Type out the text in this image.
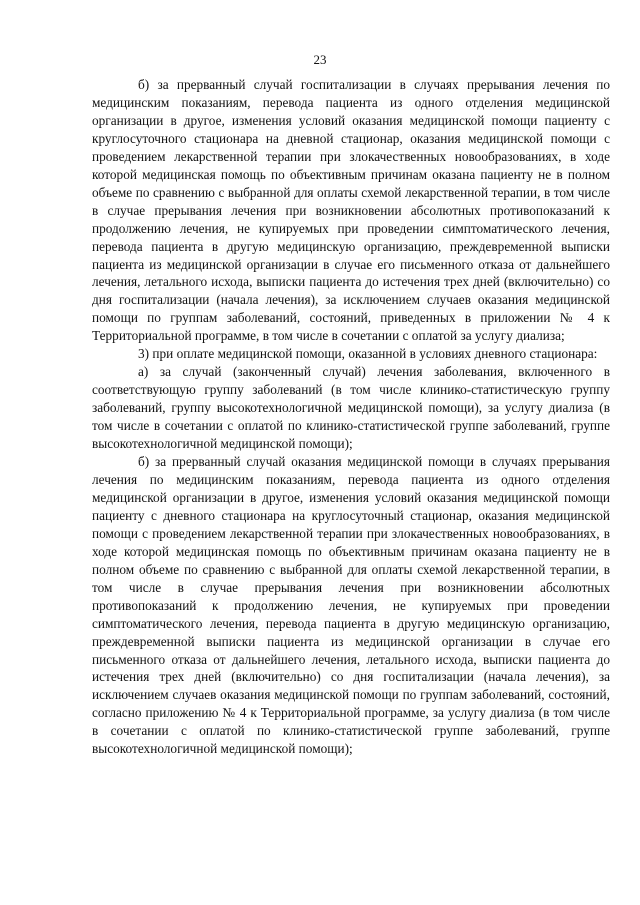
23

б) за прерванный случай госпитализации в случаях прерывания лечения по медицинским показаниям, перевода пациента из одного отделения медицинской организации в другое, изменения условий оказания медицинской помощи пациенту с круглосуточного стационара на дневной стационар, оказания медицинской помощи с проведением лекарственной терапии при злокачественных новообразованиях, в ходе которой медицинская помощь по объективным причинам оказана пациенту не в полном объеме по сравнению с выбранной для оплаты схемой лекарственной терапии, в том числе в случае прерывания лечения при возникновении абсолютных противопоказаний к продолжению лечения, не купируемых при проведении симптоматического лечения, перевода пациента в другую медицинскую организацию, преждевременной выписки пациента из медицинской организации в случае его письменного отказа от дальнейшего лечения, летального исхода, выписки пациента до истечения трех дней (включительно) со дня госпитализации (начала лечения), за исключением случаев оказания медицинской помощи по группам заболеваний, состояний, приведенных в приложении № 4 к Территориальной программе, в том числе в сочетании с оплатой за услугу диализа;

3) при оплате медицинской помощи, оказанной в условиях дневного стационара:

а) за случай (законченный случай) лечения заболевания, включенного в соответствующую группу заболеваний (в том числе клинико-статистическую группу заболеваний, группу высокотехнологичной медицинской помощи), за услугу диализа (в том числе в сочетании с оплатой по клинико-статистической группе заболеваний, группе высокотехнологичной медицинской помощи);

б) за прерванный случай оказания медицинской помощи в случаях прерывания лечения по медицинским показаниям, перевода пациента из одного отделения медицинской организации в другое, изменения условий оказания медицинской помощи пациенту с дневного стационара на круглосуточный стационар, оказания медицинской помощи с проведением лекарственной терапии при злокачественных новообразованиях, в ходе которой медицинская помощь по объективным причинам оказана пациенту не в полном объеме по сравнению с выбранной для оплаты схемой лекарственной терапии, в том числе в случае прерывания лечения при возникновении абсолютных противопоказаний к продолжению лечения, не купируемых при проведении симптоматического лечения, перевода пациента в другую медицинскую организацию, преждевременной выписки пациента из медицинской организации в случае его письменного отказа от дальнейшего лечения, летального исхода, выписки пациента до истечения трех дней (включительно) со дня госпитализации (начала лечения), за исключением случаев оказания медицинской помощи по группам заболеваний, состояний, согласно приложению № 4 к Территориальной программе, за услугу диализа (в том числе в сочетании с оплатой по клинико-статистической группе заболеваний, группе высокотехнологичной медицинской помощи);
